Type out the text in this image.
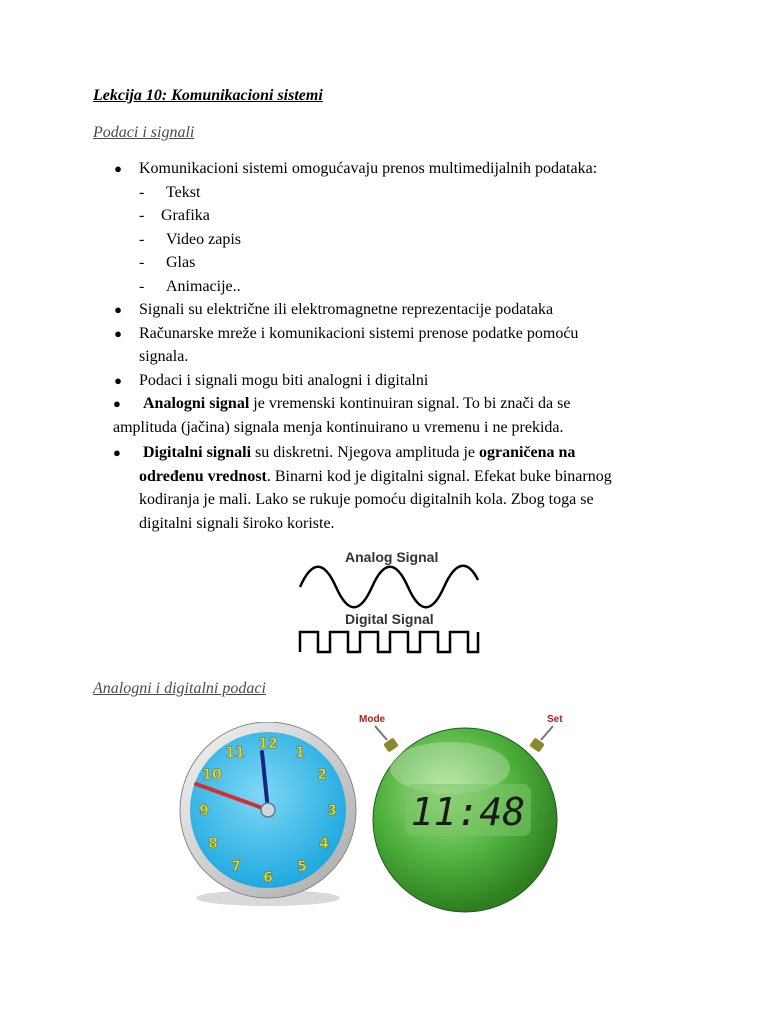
Lekcija 10: Komunikacioni sistemi
Podaci i signali
● Komunikacioni sistemi omogućavaju prenos multimedijalnih podataka:
- Tekst
- Grafika
- Video zapis
- Glas
- Animacije..
● Signali su električne ili elektromagnetne reprezentacije podataka
● Računarske mreže i komunikacioni sistemi prenose podatke pomoću
signala.
● Podaci i signali mogu biti analogni i digitalni
● Analogni signal je vremenski kontinuiran signal. To bi znači da se
amplituda (jačina) signala menja kontinuirano u vremenu i ne prekida.
● Digitalni signali su diskretni. Njegova amplituda je ograničena na
određenu vrednost. Binarni kod je digitalni signal. Efekat buke binarnog
kodiranja je mali. Lako se rukuje pomoću digitalnih kola. Zbog toga se
digitalni signali široko koriste.
Analog Signal
Digital Signal
Analogni i digitalni podaci
12
1
2
3
4
5
6
7
8
9
10
11
Mode	Set
11:48
